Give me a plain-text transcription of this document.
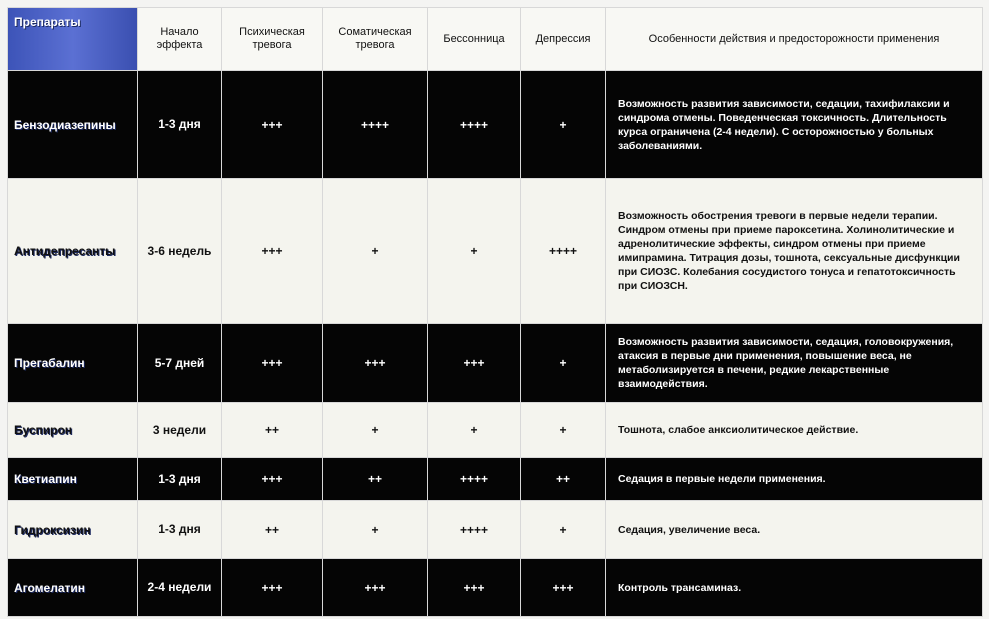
Препараты	Начало эффекта	Психическая тревога	Соматическая тревога	Бессонница	Депрессия	Особенности действия и предосторожности применения
Бензодиазепины	1-3 дня	+++	++++	++++	+	Возможность развития зависимости, седации, тахифилаксии и синдрома отмены. Поведенческая токсичность. Длительность курса ограничена (2-4 недели). С осторожностью у больных заболеваниями.
Антидепресанты	3-6 недель	+++	+	+	++++	Возможность обострения тревоги в первые недели терапии. Синдром отмены при приеме пароксетина. Холинолитические и адренолитические эффекты, синдром отмены при приеме имипрамина. Титрация дозы, тошнота, сексуальные дисфункции при СИОЗС. Колебания сосудистого тонуса и гепатотоксичность при СИОЗСН.
Прегабалин	5-7 дней	+++	+++	+++	+	Возможность развития зависимости, седация, головокружения, атаксия в первые дни применения, повышение веса, не метаболизируется в печени, редкие лекарственные взаимодействия.
Буспирон	3 недели	++	+	+	+	Тошнота, слабое анксиолитическое действие.
Кветиапин	1-3 дня	+++	++	++++	++	Седация в первые недели применения.
Гидроксизин	1-3 дня	++	+	++++	+	Седация, увеличение веса.
Агомелатин	2-4 недели	+++	+++	+++	+++	Контроль трансаминаз.
